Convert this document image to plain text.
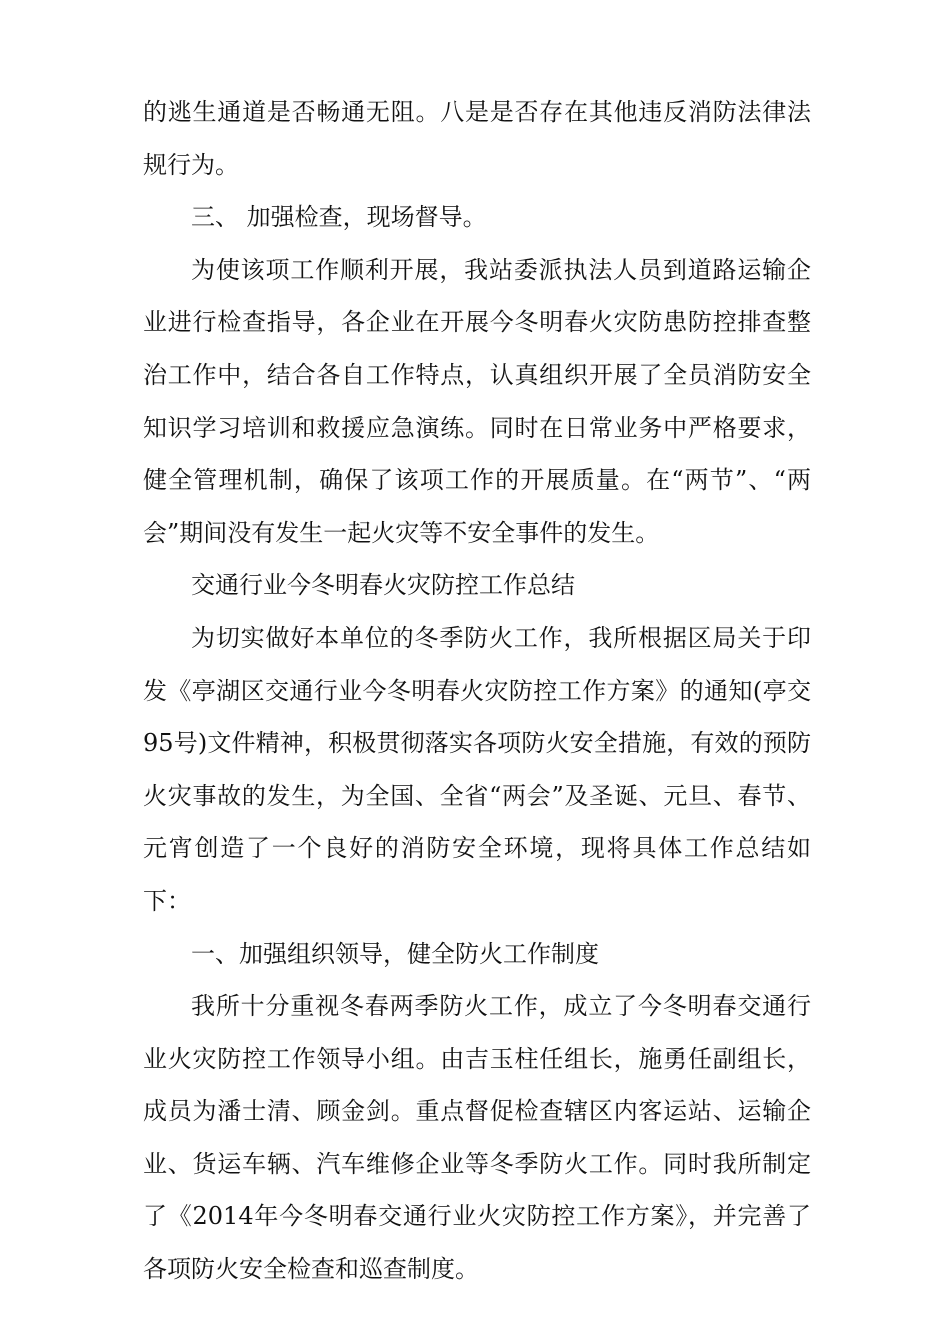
的逃生通道是否畅通无阻。八是是否存在其他违反消防法律法规行为。

三、 加强检查，现场督导。

为使该项工作顺利开展，我站委派执法人员到道路运输企业进行检查指导，各企业在开展今冬明春火灾防患防控排查整治工作中，结合各自工作特点，认真组织开展了全员消防安全知识学习培训和救援应急演练。同时在日常业务中严格要求，健全管理机制，确保了该项工作的开展质量。在“两节”、“两会”期间没有发生一起火灾等不安全事件的发生。

交通行业今冬明春火灾防控工作总结

为切实做好本单位的冬季防火工作，我所根据区局关于印发《亭湖区交通行业今冬明春火灾防控工作方案》的通知(亭交 95号)文件精神，积极贯彻落实各项防火安全措施，有效的预防火灾事故的发生，为全国、全省“两会”及圣诞、元旦、春节、元宵创造了一个良好的消防安全环境，现将具体工作总结如下：

一、加强组织领导，健全防火工作制度

我所十分重视冬春两季防火工作，成立了今冬明春交通行业火灾防控工作领导小组。由吉玉柱任组长，施勇任副组长，成员为潘士清、顾金剑。重点督促检查辖区内客运站、运输企业、货运车辆、汽车维修企业等冬季防火工作。同时我所制定了《2014年今冬明春交通行业火灾防控工作方案》，并完善了各项防火安全检查和巡查制度。
